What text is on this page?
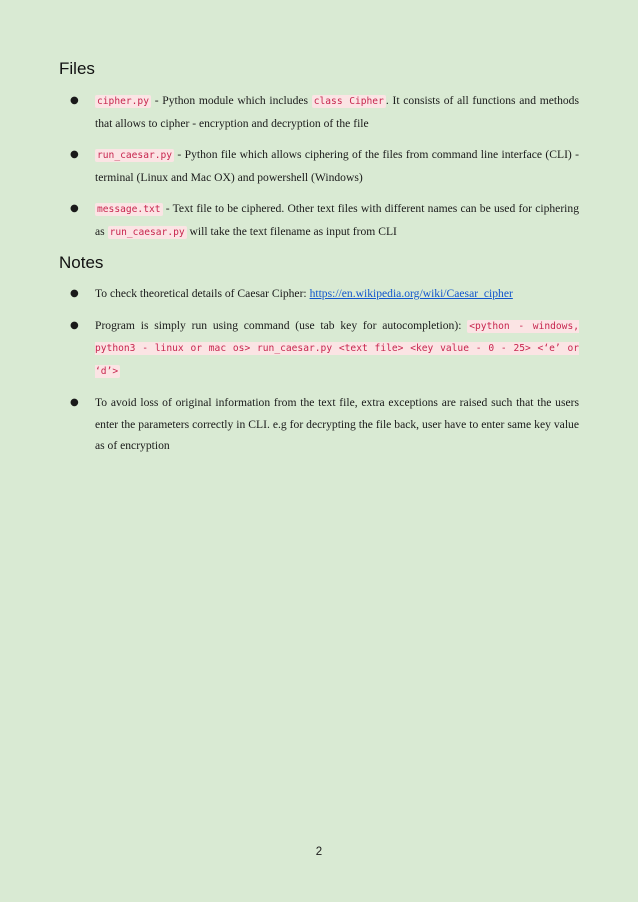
Files
● cipher.py - Python module which includes class Cipher . It consists of all functions and methods that allows to cipher - encryption and decryption of the file
● run_caesar.py - Python file which allows ciphering of the files from command line interface (CLI) - terminal (Linux and Mac OX) and powershell (Windows)
● message.txt - Text file to be ciphered. Other text files with different names can be used for ciphering as run_caesar.py will take the text filename as input from CLI
Notes
● To check theoretical details of Caesar Cipher: https://en.wikipedia.org/wiki/Caesar_cipher
● Program is simply run using command (use tab key for autocompletion): <python - windows, python3 - linux or mac os> run_caesar.py <text file> <key value - 0 - 25> <‘e’ or ‘d’>
● To avoid loss of original information from the text file, extra exceptions are raised such that the users enter the parameters correctly in CLI. e.g for decrypting the file back, user have to enter same key value as of encryption
2
